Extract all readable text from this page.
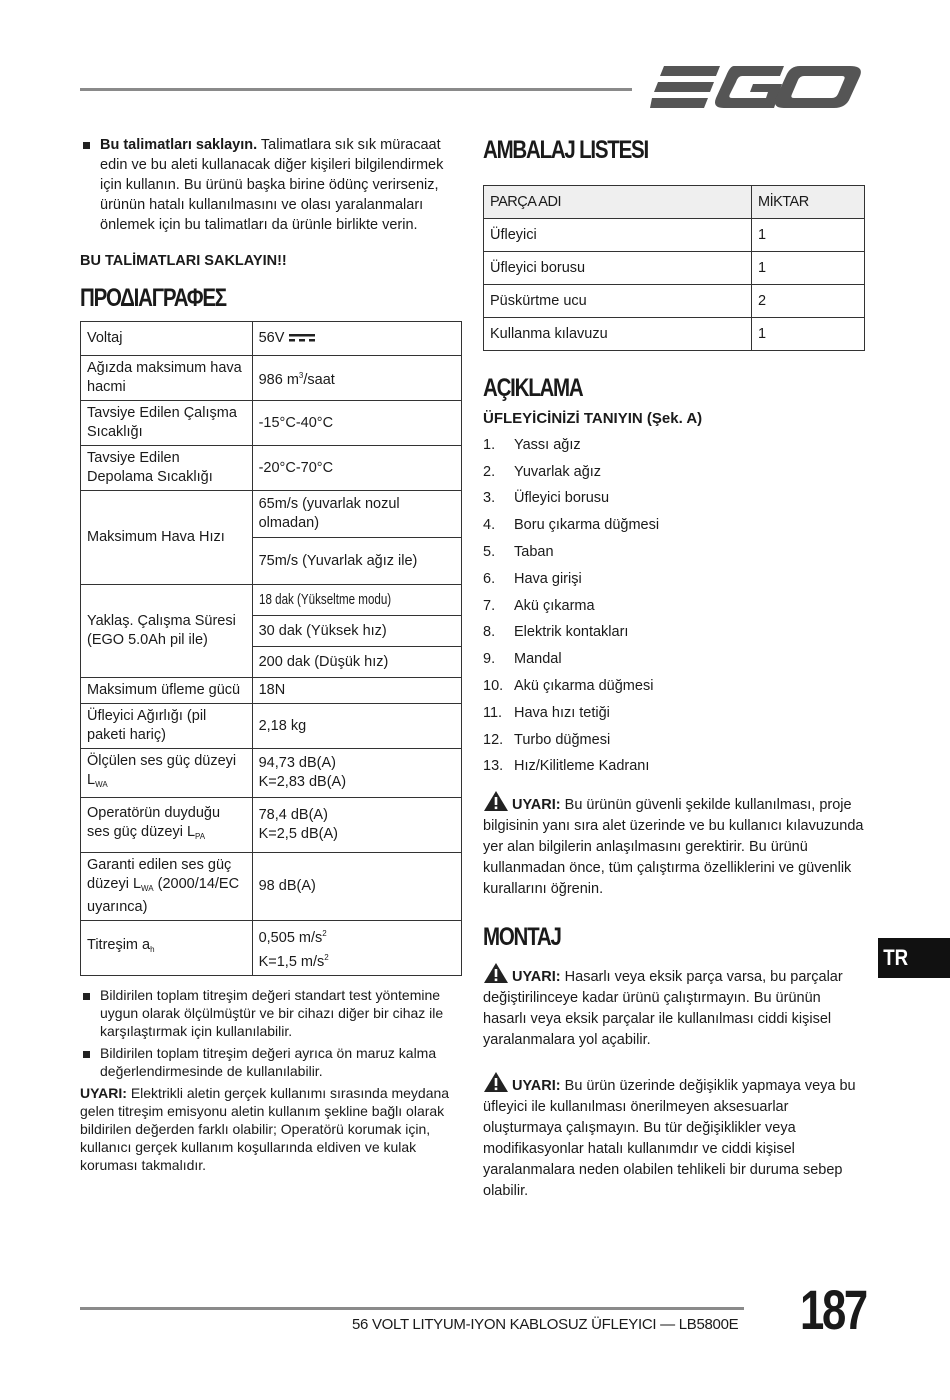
Bu talimatları saklayın. Talimatlara sık sık müracaat edin ve bu aleti kullanacak diğer kişileri bilgilendirmek için kullanın. Bu ürünü başka birine ödünç verirseniz, ürünün hatalı kullanılmasını ve olası yaralanmaları önlemek için bu talimatları da ürünle birlikte verin.
BU TALİMATLARI SAKLAYIN!!
ΠΡΟΔΙΑΓΡΑΦΕΣ
Voltaj	56V
Ağızda maksimum hava hacmi	986 $m^3$/saat
Tavsiye Edilen Çalışma Sıcaklığı	-15°C-40°C
Tavsiye Edilen Depolama Sıcaklığı	-20°C-70°C
Maksimum Hava Hızı	65m/s (yuvarlak nozul olmadan)
	75m/s (Yuvarlak ağız ile)
Yaklaş. Çalışma Süresi (EGO 5.0Ah pil ile)	18 dak (Yükseltme modu)
	30 dak (Yüksek hız)
	200 dak (Düşük hız)
Maksimum üfleme gücü	18N
Üfleyici Ağırlığı (pil paketi hariç)	2,18 kg
Ölçülen ses güç düzeyi $L_{WA}$	94,73 dB(A)
K=2,83 dB(A)

Operatörün duyduğu ses güç düzeyi $L_{PA}$	78,4 dB(A)
K=2,5 dB(A)

Garanti edilen ses güç düzeyi $L_{WA}$ (2000/14/EC uyarınca)	98 dB(A)
Titreşim $a_h$	0,505 $m/s^2$
K=1,5 $m/s^2$
Bildirilen toplam titreşim değeri standart test yöntemine uygun olarak ölçülmüştür ve bir cihazı diğer bir cihaz ile karşılaştırmak için kullanılabilir.
Bildirilen toplam titreşim değeri ayrıca ön maruz kalma değerlendirmesinde de kullanılabilir.
UYARI: Elektrikli aletin gerçek kullanımı sırasında meydana gelen titreşim emisyonu aletin kullanım şekline bağlı olarak bildirilen değerden farklı olabilir; Operatörü korumak için, kullanıcı gerçek kullanım koşullarında eldiven ve kulak koruması takmalıdır.
AMBALAJ LISTESI
PARÇA ADI	MİKTAR
Üfleyici	1
Üfleyici borusu	1
Püskürtme ucu	2
Kullanma kılavuzu	1
AÇIKLAMA
ÜFLEYİCİNİZİ TANIYIN (Şek. A)
1.	Yassı ağız
2.	Yuvarlak ağız
3.	Üfleyici borusu
4.	Boru çıkarma düğmesi
5.	Taban
6.	Hava girişi
7.	Akü çıkarma
8.	Elektrik kontakları
9.	Mandal
10. Akü çıkarma düğmesi
11. Hava hızı tetiği
12. Turbo düğmesi
13. Hız/Kilitleme Kadranı
UYARI: Bu ürünün güvenli şekilde kullanılması, proje bilgisinin yanı sıra alet üzerinde ve bu kullanıcı kılavuzunda yer alan bilgilerin anlaşılmasını gerektirir. Bu ürünü kullanmadan önce, tüm çalıştırma özelliklerini ve güvenlik kurallarını öğrenin.
MONTAJ
UYARI: Hasarlı veya eksik parça varsa, bu parçalar değiştirilinceye kadar ürünü çalıştırmayın. Bu ürünün hasarlı veya eksik parçalar ile kullanılması ciddi kişisel yaralanmalara yol açabilir.
UYARI: Bu ürün üzerinde değişiklik yapmaya veya bu üfleyici ile kullanılması önerilmeyen aksesuarlar oluşturmaya çalışmayın. Bu tür değişiklikler veya modifikasyonlar hatalı kullanımdır ve ciddi kişisel yaralanmalara neden olabilen tehlikeli bir duruma sebep olabilir.
TR
56 VOLT LITYUM-IYON KABLOSUZ ÜFLEYICI — LB5800E 187
